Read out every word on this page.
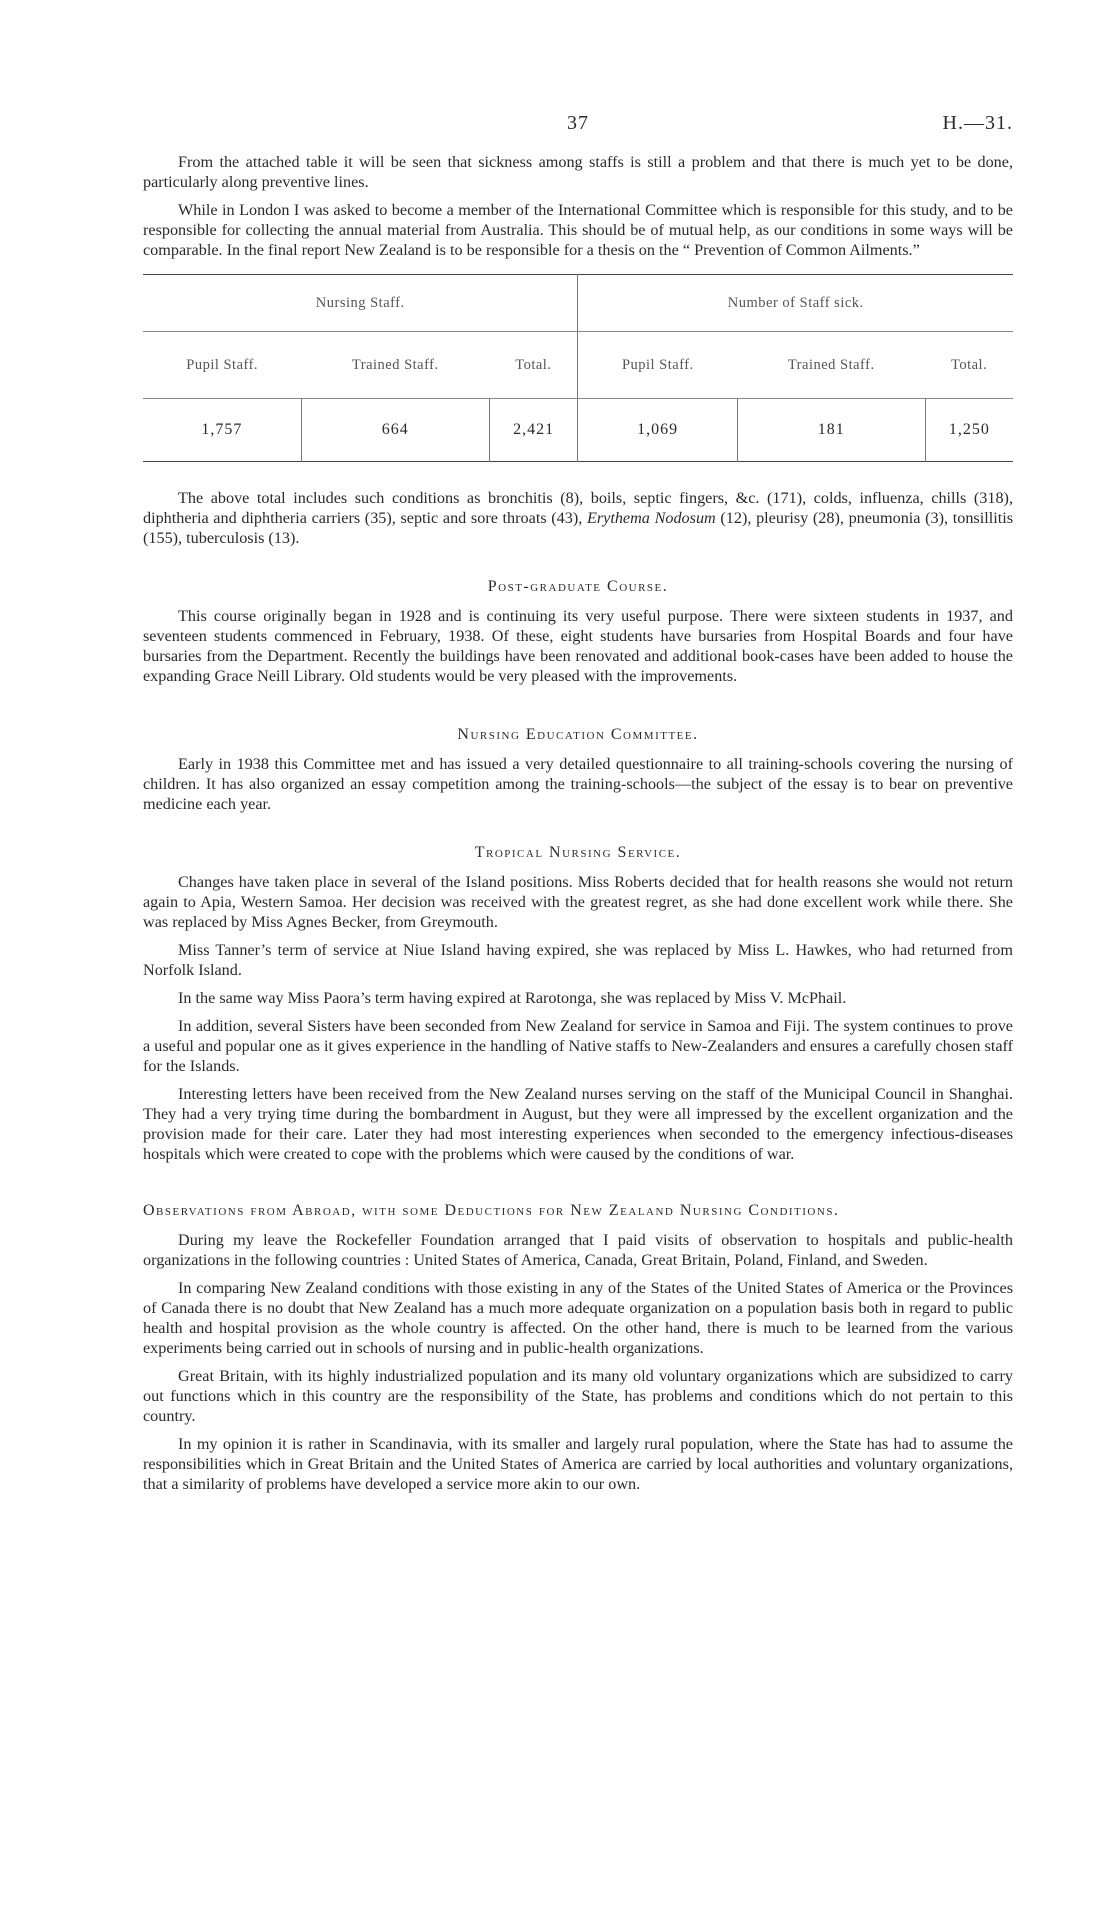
37	H.—31.

From the attached table it will be seen that sickness among staffs is still a problem and that there is much yet to be done, particularly along preventive lines.

While in London I was asked to become a member of the International Committee which is responsible for this study, and to be responsible for collecting the annual material from Australia. This should be of mutual help, as our conditions in some ways will be comparable. In the final report New Zealand is to be responsible for a thesis on the “ Prevention of Common Ailments.”

Nursing Staff.			Number of Staff sick.		
Pupil Staff.	Trained Staff.	Total.	Pupil Staff.	Trained Staff.	Total.
1,757	664	2,421	1,069	181	1,250

The above total includes such conditions as bronchitis (8), boils, septic fingers, &c. (171), colds, influenza, chills (318), diphtheria and diphtheria carriers (35), septic and sore throats (43), Erythema Nodosum (12), pleurisy (28), pneumonia (3), tonsillitis (155), tuberculosis (13).

Post-graduate Course.

This course originally began in 1928 and is continuing its very useful purpose. There were sixteen students in 1937, and seventeen students commenced in February, 1938. Of these, eight students have bursaries from Hospital Boards and four have bursaries from the Department. Recently the buildings have been renovated and additional book-cases have been added to house the expanding Grace Neill Library. Old students would be very pleased with the improvements.

Nursing Education Committee.

Early in 1938 this Committee met and has issued a very detailed questionnaire to all training-schools covering the nursing of children. It has also organized an essay competition among the training-schools—the subject of the essay is to bear on preventive medicine each year.

Tropical Nursing Service.

Changes have taken place in several of the Island positions. Miss Roberts decided that for health reasons she would not return again to Apia, Western Samoa. Her decision was received with the greatest regret, as she had done excellent work while there. She was replaced by Miss Agnes Becker, from Greymouth.

Miss Tanner’s term of service at Niue Island having expired, she was replaced by Miss L. Hawkes, who had returned from Norfolk Island.

In the same way Miss Paora’s term having expired at Rarotonga, she was replaced by Miss V. McPhail.

In addition, several Sisters have been seconded from New Zealand for service in Samoa and Fiji. The system continues to prove a useful and popular one as it gives experience in the handling of Native staffs to New-Zealanders and ensures a carefully chosen staff for the Islands.

Interesting letters have been received from the New Zealand nurses serving on the staff of the Municipal Council in Shanghai. They had a very trying time during the bombardment in August, but they were all impressed by the excellent organization and the provision made for their care. Later they had most interesting experiences when seconded to the emergency infectious-diseases hospitals which were created to cope with the problems which were caused by the conditions of war.

Observations from Abroad, with some Deductions for New Zealand Nursing Conditions.

During my leave the Rockefeller Foundation arranged that I paid visits of observation to hospitals and public-health organizations in the following countries : United States of America, Canada, Great Britain, Poland, Finland, and Sweden.

In comparing New Zealand conditions with those existing in any of the States of the United States of America or the Provinces of Canada there is no doubt that New Zealand has a much more adequate organization on a population basis both in regard to public health and hospital provision as the whole country is affected. On the other hand, there is much to be learned from the various experiments being carried out in schools of nursing and in public-health organizations.

Great Britain, with its highly industrialized population and its many old voluntary organizations which are subsidized to carry out functions which in this country are the responsibility of the State, has problems and conditions which do not pertain to this country.

In my opinion it is rather in Scandinavia, with its smaller and largely rural population, where the State has had to assume the responsibilities which in Great Britain and the United States of America are carried by local authorities and voluntary organizations, that a similarity of problems have developed a service more akin to our own.
